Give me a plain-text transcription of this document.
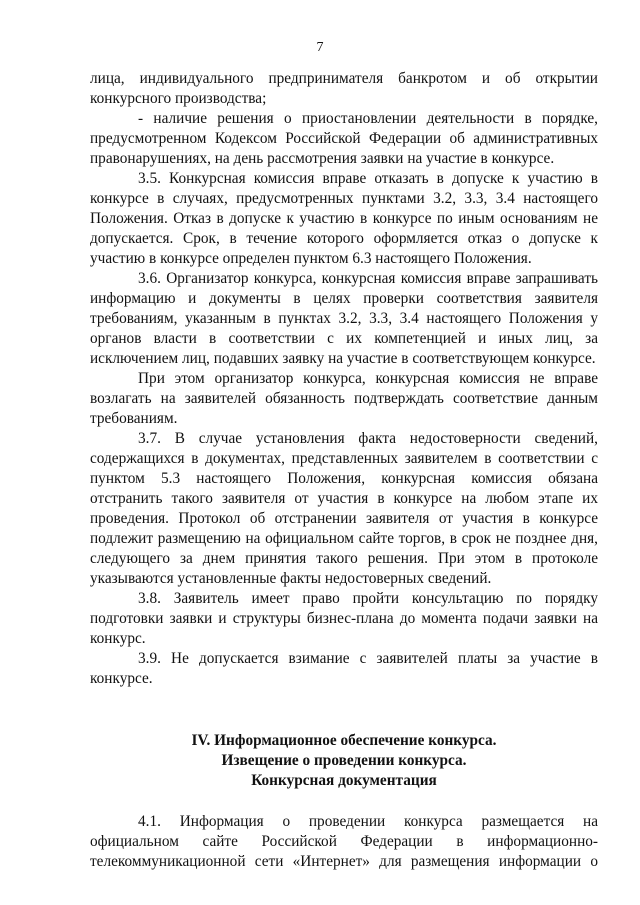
7
лица, индивидуального предпринимателя банкротом и об открытии
конкурсного производства;
- наличие решения о приостановлении деятельности в порядке,
предусмотренном Кодексом Российской Федерации об административных
правонарушениях, на день рассмотрения заявки на участие в конкурсе.
3.5. Конкурсная комиссия вправе отказать в допуске к участию в
конкурсе в случаях, предусмотренных пунктами 3.2, 3.3, 3.4 настоящего
Положения. Отказ в допуске к участию в конкурсе по иным основаниям не
допускается. Срок, в течение которого оформляется отказ о допуске к
участию в конкурсе определен пунктом 6.3 настоящего Положения.
3.6. Организатор конкурса, конкурсная комиссия вправе запрашивать
информацию и документы в целях проверки соответствия заявителя
требованиям, указанным в пунктах 3.2, 3.3, 3.4 настоящего Положения у
органов власти в соответствии с их компетенцией и иных лиц, за
исключением лиц, подавших заявку на участие в соответствующем конкурсе.
При этом организатор конкурса, конкурсная комиссия не вправе
возлагать на заявителей обязанность подтверждать соответствие данным
требованиям.
3.7. В случае установления факта недостоверности сведений,
содержащихся в документах, представленных заявителем в соответствии с
пунктом 5.3 настоящего Положения, конкурсная комиссия обязана
отстранить такого заявителя от участия в конкурсе на любом этапе их
проведения. Протокол об отстранении заявителя от участия в конкурсе
подлежит размещению на официальном сайте торгов, в срок не позднее дня,
следующего за днем принятия такого решения. При этом в протоколе
указываются установленные факты недостоверных сведений.
3.8. Заявитель имеет право пройти консультацию по порядку
подготовки заявки и структуры бизнес-плана до момента подачи заявки на
конкурс.
3.9. Не допускается взимание с заявителей платы за участие в
конкурсе.
IV. Информационное обеспечение конкурса.
Извещение о проведении конкурса.
Конкурсная документация
4.1. Информация о проведении конкурса размещается на
официальном сайте Российской Федерации в информационно-
телекоммуникационной сети «Интернет» для размещения информации о
